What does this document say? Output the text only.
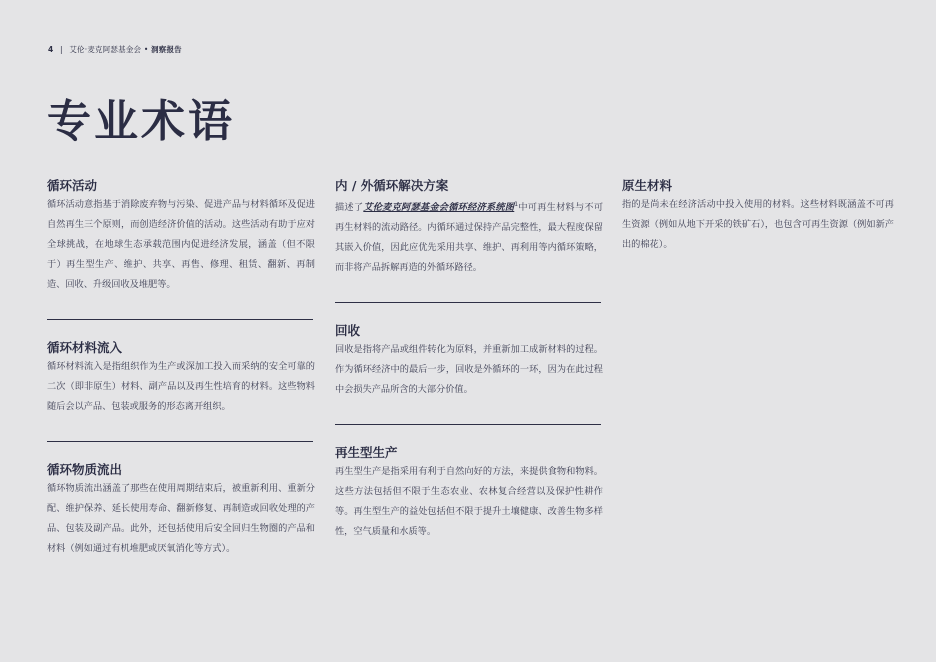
4 | 艾伦·麦克阿瑟基金会 • 洞察报告
专业术语
循环活动

循环活动意指基于消除废弃物与污染、促进产品与材料循环及促进自然再生三个原则，而创造经济价值的活动。这些活动有助于应对全球挑战，在地球生态承载范围内促进经济发展，涵盖（但不限于）再生型生产、维护、共享、再售、修理、租赁、翻新、再制造、回收、升级回收及堆肥等。

循环材料流入

循环材料流入是指组织作为生产或深加工投入而采纳的安全可靠的二次（即非原生）材料、副产品以及再生性培育的材料。这些物料随后会以产品、包装或服务的形态离开组织。

循环物质流出

循环物质流出涵盖了那些在使用周期结束后，被重新利用、重新分配、维护保养、延长使用寿命、翻新修复、再制造或回收处理的产品、包装及副产品。此外，还包括使用后安全回归生物圈的产品和材料（例如通过有机堆肥或厌氧消化等方式）。

内 / 外循环解决方案

描述了艾伦麦克阿瑟基金会循环经济系统图$^1$中可再生材料与不可再生材料的流动路径。内循环通过保持产品完整性，最大程度保留其嵌入价值，因此应优先采用共享、维护、再利用等内循环策略，而非将产品拆解再造的外循环路径。

回收

回收是指将产品或组件转化为原料，并重新加工成新材料的过程。作为循环经济中的最后一步，回收是外循环的一环，因为在此过程中会损失产品所含的大部分价值。

再生型生产

再生型生产是指采用有利于自然向好的方法，来提供食物和物料。这些方法包括但不限于生态农业、农林复合经营以及保护性耕作等。再生型生产的益处包括但不限于提升土壤健康、改善生物多样性，空气质量和水质等。

原生材料

指的是尚未在经济活动中投入使用的材料。这些材料既涵盖不可再生资源（例如从地下开采的铁矿石），也包含可再生资源（例如新产出的棉花）。
